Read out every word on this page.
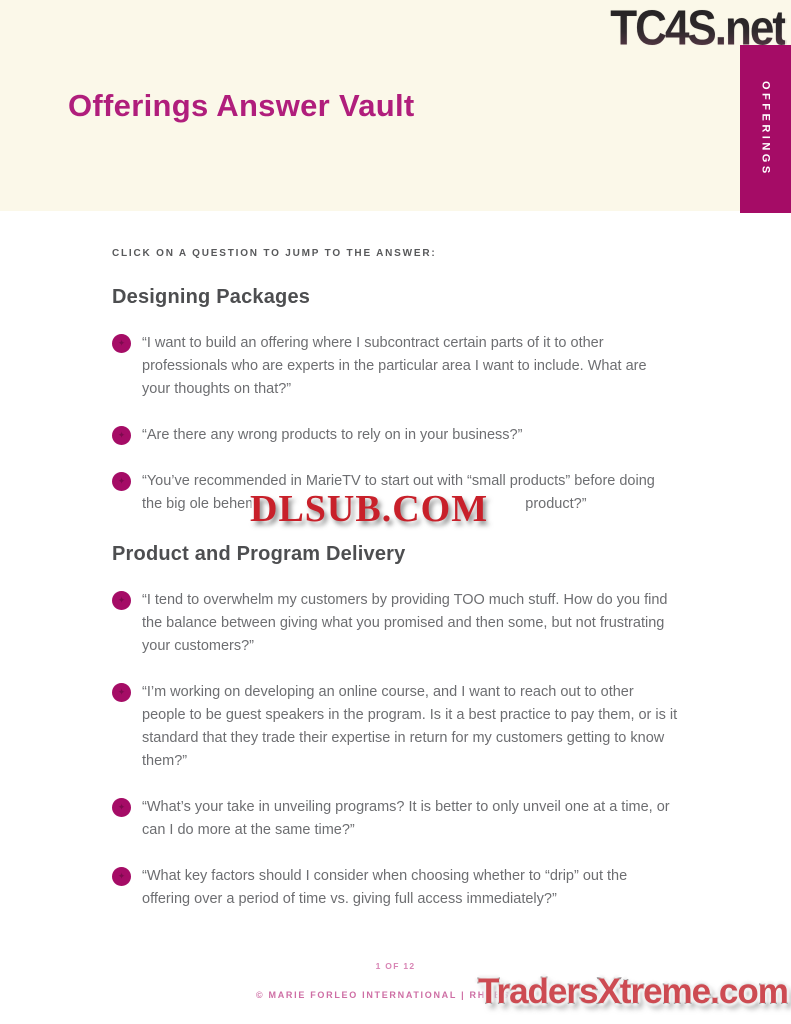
Offerings Answer Vault	OFFERINGS
TC4S.net
CLICK ON A QUESTION TO JUMP TO THE ANSWER:
Designing Packages
✦

“I want to build an offering where I subcontract certain parts of it to other professionals who are experts in the particular area I want to include. What are your thoughts on that?”

✦

“Are there any wrong products to rely on in your business?”

✦

“You’ve recommended in MarieTV to start out with “small products” before doing the big ole behem	product?”

Product and Program Delivery
✦

“I tend to overwhelm my customers by providing TOO much stuff. How do you find the balance between giving what you promised and then some, but not frustrating your customers?”

✦

“I’m working on developing an online course, and I want to reach out to other people to be guest speakers in the program. Is it a best practice to pay them, or is it standard that they trade their expertise in return for my customers getting to know them?”

✦

“What’s your take in unveiling programs? It is better to only unveil one at a time, or can I do more at the same time?”

✦

“What key factors should I consider when choosing whether to “drip” out the offering over a period of time vs. giving full access immediately?”

DLSUB.COM
1 OF 12
© MARIE FORLEO INTERNATIONAL | RHHBSCH
TradersXtreme.com
